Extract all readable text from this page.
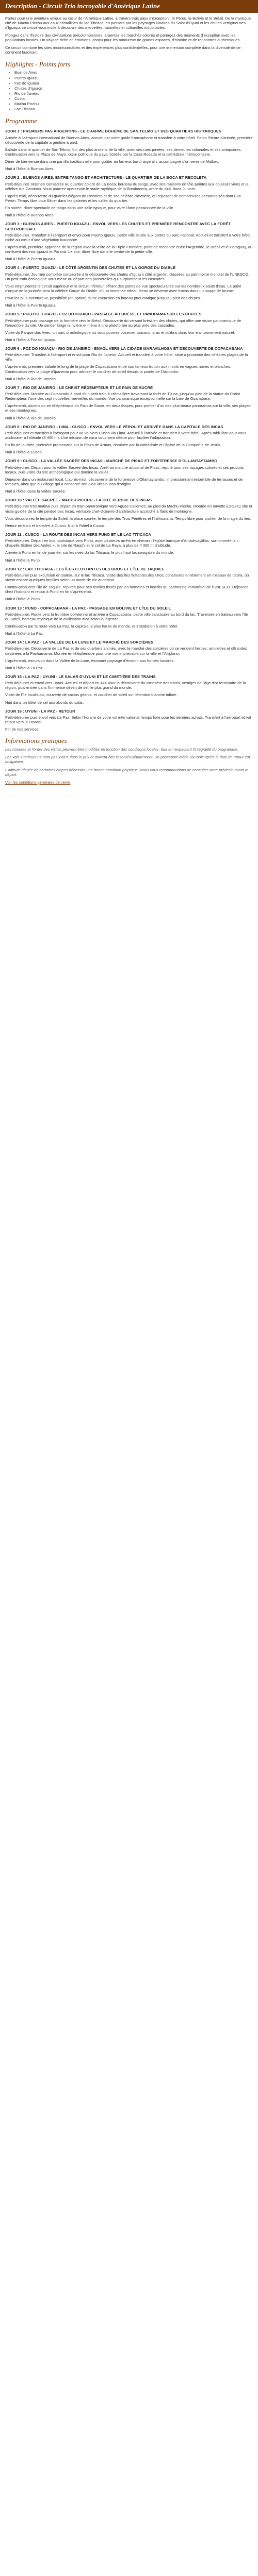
Description - Circuit Trio incroyable d'Amérique Latine

Partez pour une aventure unique au cœur de l'Amérique Latine, à travers trois pays d'exception : le Pérou, la Bolivie et le Brésil. De la mystique cité de Machu Picchu aux eaux cristallines du lac Titicaca, en passant par les paysages lunaires du Salar d'Uyuni et les chutes vertigineuses d'Iguaçu, ce circuit vous invite à découvrir des merveilles naturelles et culturelles inoubliables.

Plongez dans l'histoire des civilisations précolombiennes, arpentez les marchés colorés et partagez des moments d'exception avec les populations locales. Un voyage riche en émotions, conçu pour les amoureux de grands espaces, d'histoire et de rencontres authentiques.

Ce circuit combine les sites incontournables et des expériences plus confidentielles, pour une immersion complète dans la diversité de ce continent fascinant.

Highlights - Points forts
• Buenos Aires
• Puerto Iguazu
• Foz do Iguaçu
• Chutes d'Iguaçu
• Rio de Janeiro
• Cusco
• Machu Picchu
• Lac Titicaca
Programme
JOUR 1 : PREMIERS PAS ARGENTINS - LE CHARME BOHÈME DE SAN TELMO ET DES QUARTIERS HISTORIQUES

Arrivée à l'aéroport international de Buenos Aires, accueil par votre guide francophone et transfert à votre hôtel. Selon l'heure d'arrivée, première découverte de la capitale argentine à pied.

Balade dans le quartier de San Telmo, l'un des plus anciens de la ville, avec ses rues pavées, ses demeures coloniales et ses antiquaires. Continuation vers la Plaza de Mayo, cœur politique du pays, bordée par la Casa Rosada et la cathédrale métropolitaine.

Dîner de bienvenue dans une parrilla traditionnelle pour goûter au fameux bœuf argentin, accompagné d'un verre de Malbec.

Nuit à l'hôtel à Buenos Aires.

JOUR 2 : BUENOS AIRES, ENTRE TANGO ET ARCHITECTURE - LE QUARTIER DE LA BOCA ET RECOLETA

Petit-déjeuner. Matinée consacrée au quartier coloré de La Boca, berceau du tango, avec ses maisons en tôle peintes aux couleurs vives et la célèbre rue Caminito. Vous pourrez apercevoir le stade mythique de la Bombonera, antre du club Boca Juniors.

L'après-midi, découverte du quartier élégant de Recoleta et de son célèbre cimetière, où reposent de nombreuses personnalités dont Eva Perón. Temps libre pour flâner dans les galeries et les cafés du quartier.

En soirée, dîner-spectacle de tango dans une salle typique, pour vivre l'âme passionnée de la ville.

Nuit à l'hôtel à Buenos Aires.

JOUR 3 : BUENOS AIRES - PUERTO IGUAZU - ENVOL VERS LES CHUTES ET PREMIÈRE RENCONTRE AVEC LA FORÊT SUBTROPICALE

Petit-déjeuner. Transfert à l'aéroport et envol pour Puerto Iguazu, petite ville située aux portes du parc national. Accueil et transfert à votre hôtel, niché au cœur d'une végétation luxuriante.

L'après-midi, première approche de la région avec la visite de la Triple Frontière, point de rencontre entre l'Argentine, le Brésil et le Paraguay, au confluent des rios Iguazú et Paraná. Le soir, dîner libre dans le centre de la petite ville.

Nuit à l'hôtel à Puerto Iguazu.

JOUR 4 : PUERTO IGUAZU - LE CÔTÉ ARGENTIN DES CHUTES ET LA GORGE DU DIABLE

Petit-déjeuner. Journée complète consacrée à la découverte des chutes d'Iguazú côté argentin, classées au patrimoine mondial de l'UNESCO. Un petit train écologique vous mène au départ des passerelles qui surplombent les cascades.

Vous emprunterez le circuit supérieur et le circuit inférieur, offrant des points de vue spectaculaires sur les nombreux sauts d'eau. Le point d'orgue de la journée sera la célèbre Gorge du Diable, où un immense rideau d'eau se déverse avec fracas dans un nuage de brume.

Pour les plus aventureux, possibilité (en option) d'une excursion en bateau pneumatique jusqu'au pied des chutes.

Nuit à l'hôtel à Puerto Iguazu.

JOUR 5 : PUERTO IGUAZU - FOZ DO IGUAÇU - PASSAGE AU BRÉSIL ET PANORAMA SUR LES CHUTES

Petit-déjeuner puis passage de la frontière vers le Brésil. Découverte du versant brésilien des chutes, qui offre une vision panoramique de l'ensemble du site. Un sentier longe la rivière et mène à une plateforme au plus près des cascades.

Visite du Parque das Aves, un parc ornithologique où vous pourrez observer toucans, aras et colibris dans leur environnement naturel.

Nuit à l'hôtel à Foz do Iguaçu.

JOUR 6 : FOZ DO IGUAÇU - RIO DE JANEIRO - ENVOL VERS LA CIDADE MARAVILHOSA ET DÉCOUVERTE DE COPACABANA

Petit-déjeuner. Transfert à l'aéroport et envol pour Rio de Janeiro. Accueil et transfert à votre hôtel, situé à proximité des célèbres plages de la ville.

L'après-midi, première balade le long de la plage de Copacabana et de son fameux trottoir aux motifs en vagues noires et blanches. Continuation vers la plage d'Ipanema pour admirer le coucher de soleil depuis la pointe de l'Arpoador.

Nuit à l'hôtel à Rio de Janeiro.

JOUR 7 : RIO DE JANEIRO - LE CHRIST RÉDEMPTEUR ET LE PAIN DE SUCRE

Petit-déjeuner. Montée au Corcovado à bord d'un petit train à crémaillère traversant la forêt de Tijuca, jusqu'au pied de la statue du Christ Rédempteur, l'une des sept nouvelles merveilles du monde. Vue panoramique exceptionnelle sur la baie de Guanabara.

L'après-midi, ascension en téléphérique du Pain de Sucre, en deux étapes, pour profiter d'un des plus beaux panoramas sur la ville, ses plages et ses montagnes.

Nuit à l'hôtel à Rio de Janeiro.

JOUR 8 : RIO DE JANEIRO - LIMA - CUSCO - ENVOL VERS LE PÉROU ET ARRIVÉE DANS LA CAPITALE DES INCAS

Petit-déjeuner et transfert à l'aéroport pour un vol vers Cusco via Lima. Accueil à l'arrivée et transfert à votre hôtel. Après-midi libre pour vous acclimater à l'altitude (3 400 m). Une infusion de coca vous sera offerte pour faciliter l'adaptation.

En fin de journée, première promenade sur la Plaza de Armas, dominée par la cathédrale et l'église de la Compañía de Jesús.

Nuit à l'hôtel à Cusco.

JOUR 9 : CUSCO - LA VALLÉE SACRÉE DES INCAS - MARCHÉ DE PISAC ET FORTERESSE D'OLLANTAYTAMBO

Petit-déjeuner. Départ pour la Vallée Sacrée des Incas. Arrêt au marché artisanal de Pisac, réputé pour ses tissages colorés et ses produits locaux, puis visite du site archéologique qui domine la vallée.

Déjeuner dans un restaurant local. L'après-midi, découverte de la forteresse d'Ollantaytambo, impressionnant ensemble de terrasses et de temples, ainsi que du village qui a conservé son plan urbain inca d'origine.

Nuit à l'hôtel dans la Vallée Sacrée.

JOUR 10 : VALLÉE SACRÉE - MACHU PICCHU - LA CITÉ PERDUE DES INCAS

Petit-déjeuner très matinal puis départ en train panoramique vers Aguas Calientes, au pied du Machu Picchu. Montée en navette jusqu'au site et visite guidée de la cité perdue des Incas, véritable chef-d'œuvre d'architecture accroché à flanc de montagne.

Vous découvrirez le temple du Soleil, la place sacrée, le temple des Trois Fenêtres et l'Intihuatana. Temps libre pour profiter de la magie du lieu.

Retour en train et transfert à Cusco. Nuit à l'hôtel à Cusco.

JOUR 11 : CUSCO - LA ROUTE DES INCAS VERS PUNO ET LE LAC TITICACA

Petit-déjeuner. Départ en bus touristique vers Puno, avec plusieurs arrêts en chemin : l'église baroque d'Andahuaylillas, surnommée la « chapelle Sixtine des Andes », le site de Raqchi et le col de La Raya, à plus de 4 300 m d'altitude.

Arrivée à Puno en fin de journée, sur les rives du lac Titicaca, le plus haut lac navigable du monde.

Nuit à l'hôtel à Puno.

JOUR 12 : LAC TITICACA - LES ÎLES FLOTTANTES DES UROS ET L'ÎLE DE TAQUILE

Petit-déjeuner puis excursion en bateau sur le lac Titicaca. Visite des îles flottantes des Uros, construites entièrement en roseaux de totora, où vivent encore quelques familles selon un mode de vie ancestral.

Continuation vers l'île de Taquile, réputée pour ses textiles tissés par les hommes et inscrits au patrimoine immatériel de l'UNESCO. Déjeuner chez l'habitant et retour à Puno en fin d'après-midi.

Nuit à l'hôtel à Puno.

JOUR 13 : PUNO - COPACABANA - LA PAZ - PASSAGE EN BOLIVIE ET L'ÎLE DU SOLEIL

Petit-déjeuner. Route vers la frontière bolivienne et arrivée à Copacabana, petite ville sanctuaire au bord du lac. Traversée en bateau vers l'île du Soleil, berceau mythique de la civilisation inca selon la légende.

Continuation par la route vers La Paz, la capitale la plus haute du monde, et installation à votre hôtel.

Nuit à l'hôtel à La Paz.

JOUR 14 : LA PAZ - LA VALLÉE DE LA LUNE ET LE MARCHÉ DES SORCIÈRES

Petit-déjeuner. Découverte de La Paz et de ses quartiers animés, avec le marché des sorcières où se vendent herbes, amulettes et offrandes destinées à la Pachamama. Montée en téléphérique pour une vue imprenable sur la ville et l'Altiplano.

L'après-midi, excursion dans la Vallée de la Lune, étonnant paysage d'érosion aux formes lunaires.

Nuit à l'hôtel à La Paz.

JOUR 15 : LA PAZ - UYUNI - LE SALAR D'UYUNI ET LE CIMETIÈRE DES TRAINS

Petit-déjeuner et envol vers Uyuni. Accueil et départ en 4x4 pour la découverte du cimetière des trains, vestiges de l'âge d'or ferroviaire de la région, puis entrée dans l'immense désert de sel, le plus grand du monde.

Visite de l'île Incahuasi, couverte de cactus géants, et coucher de soleil sur l'étendue blanche infinie.

Nuit dans un hôtel de sel aux abords du salar.

JOUR 16 : UYUNI - LA PAZ - RETOUR

Petit-déjeuner puis envol vers La Paz. Selon l'horaire de votre vol international, temps libre pour les derniers achats. Transfert à l'aéroport et vol retour vers la France.

Fin de nos services.

Informations pratiques

Les horaires et l'ordre des visites peuvent être modifiés en fonction des conditions locales, tout en respectant l'intégralité du programme.

Les vols intérieurs ne sont pas inclus dans le prix et doivent être réservés séparément. Un passeport valide six mois après la date de retour est obligatoire.

L'altitude élevée de certaines étapes nécessite une bonne condition physique. Nous vous recommandons de consulter votre médecin avant le départ.

Voir les conditions générales de vente
